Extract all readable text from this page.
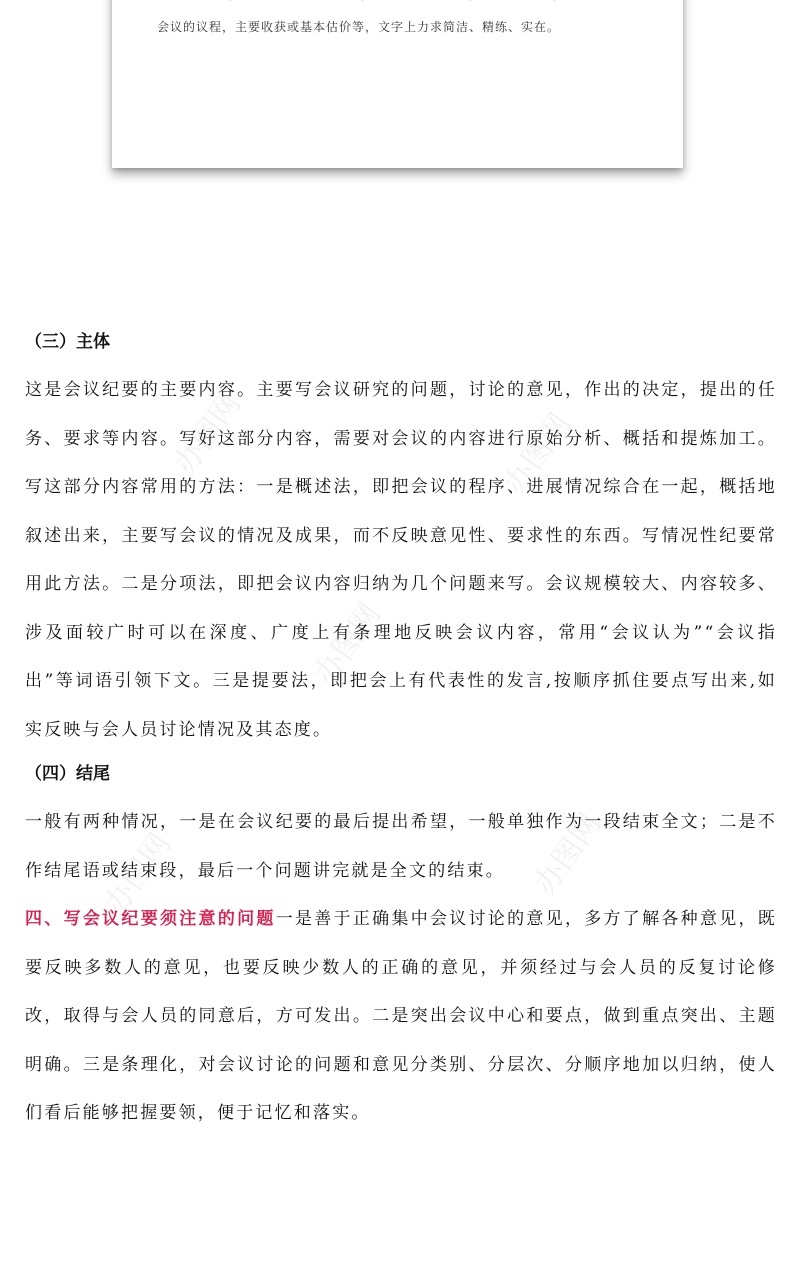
会议的议程，主要收获或基本估价等，文字上力求简洁、精练、实在。
办图网	办图网
办图网
办图网	办图网
（三）主体

这是会议纪要的主要内容。主要写会议研究的问题，讨论的意见，作出的决定，提出的任务、要求等内容。写好这部分内容，需要对会议的内容进行原始分析、概括和提炼加工。写这部分内容常用的方法：一是概述法，即把会议的程序、进展情况综合在一起，概括地叙述出来，主要写会议的情况及成果，而不反映意见性、要求性的东西。写情况性纪要常用此方法。二是分项法，即把会议内容归纳为几个问题来写。会议规模较大、内容较多、涉及面较广时可以在深度、广度上有条理地反映会议内容，常用“会议认为”“会议指出”等词语引领下文。三是提要法，即把会上有代表性的发言,按顺序抓住要点写出来,如实反映与会人员讨论情况及其态度。

（四）结尾

一般有两种情况，一是在会议纪要的最后提出希望，一般单独作为一段结束全文；二是不作结尾语或结束段，最后一个问题讲完就是全文的结束。

四、写会议纪要须注意的问题一是善于正确集中会议讨论的意见，多方了解各种意见，既要反映多数人的意见，也要反映少数人的正确的意见，并须经过与会人员的反复讨论修改，取得与会人员的同意后，方可发出。二是突出会议中心和要点，做到重点突出、主题明确。三是条理化，对会议讨论的问题和意见分类别、分层次、分顺序地加以归纳，使人们看后能够把握要领，便于记忆和落实。
